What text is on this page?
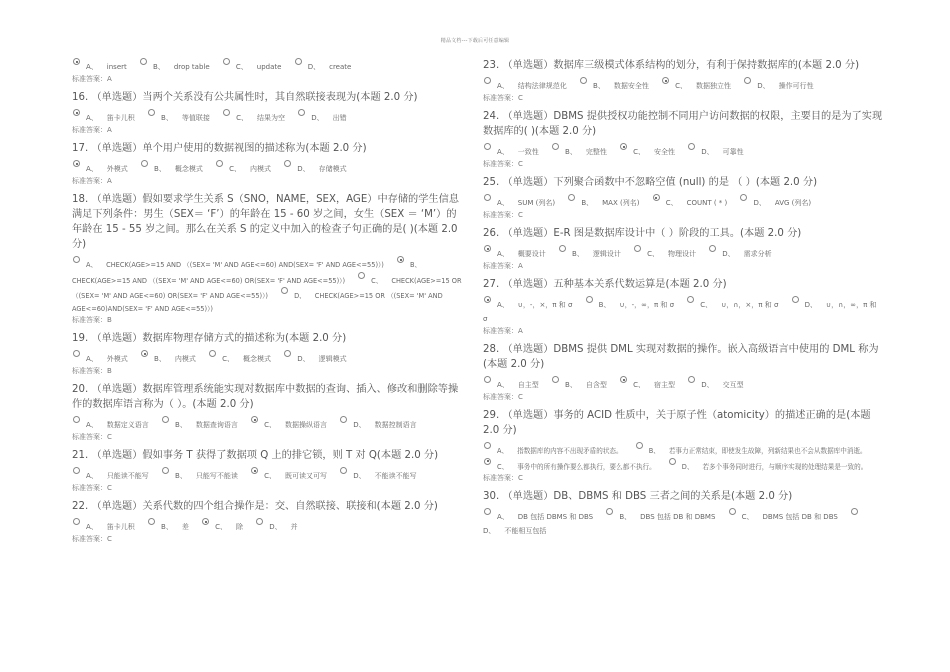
精品文档---下载后可任意编辑
A、 insert	B、 drop table	C、 update	D、 create
标准答案：A
16. （单选题）当两个关系没有公共属性时，其自然联接表现为(本题 2.0 分)
A、 笛卡儿积	B、 等值联接	C、 结果为空	D、 出错
标准答案：A
17. （单选题）单个用户使用的数据视图的描述称为(本题 2.0 分)
A、 外模式	B、 概念模式	C、 内模式	D、 存储模式
标准答案：A
18. （单选题）假如要求学生关系 S（SNO，NAME，SEX，AGE）中存储的学生信息满足下列条件：男生（SEX＝ ‘F’）的年龄在 15 - 60 岁之间，女生（SEX ＝ ‘M’）的年龄在 15 - 55 岁之间。那么在关系 S 的定义中加入的检查子句正确的是( )(本题 2.0 分)
A、 CHECK(AGE>=15 AND （(SEX= 'M' AND AGE<=60) AND(SEX= 'F' AND AGE<=55)）)	B、CHECK(AGE>=15 AND （(SEX= 'M' AND AGE<=60) OR(SEX= 'F' AND AGE<=55)）)	C、 CHECK(AGE>=15 OR （(SEX= 'M' AND AGE<=60) OR(SEX= 'F' AND AGE<=55)）)	D、 CHECK(AGE>=15 OR （(SEX= 'M' AND AGE<=60)AND(SEX= 'F' AND AGE<=55)）)
标准答案：B
19. （单选题）数据库物理存储方式的描述称为(本题 2.0 分)
A、 外模式	B、 内模式	C、 概念模式	D、 逻辑模式
标准答案：B
20. （单选题）数据库管理系统能实现对数据库中数据的查询、插入、修改和删除等操作的数据库语言称为（ ）。(本题 2.0 分)
A、 数据定义语言	B、 数据查询语言	C、 数据操纵语言	D、 数据控制语言
标准答案：C
21. （单选题）假如事务 T 获得了数据项 Q 上的排它锁，则 T 对 Q(本题 2.0 分)
A、 只能读不能写	B、 只能写不能读	C、 既可读又可写	D、 不能读不能写
标准答案：C
22. （单选题）关系代数的四个组合操作是：交、自然联接、联接和(本题 2.0 分)
A、 笛卡儿积	B、 差	C、 除	D、 并
标准答案：C
23. （单选题）数据库三级模式体系结构的划分，有利于保持数据库的(本题 2.0 分)
A、 结构法律规范化	B、 数据安全性	C、 数据独立性	D、 操作可行性
标准答案：C
24. （单选题）DBMS 提供授权功能控制不同用户访问数据的权限，主要目的是为了实现数据库的( )(本题 2.0 分)
A、 一致性	B、 完整性	C、 安全性	D、 可靠性
标准答案：C
25. （单选题）下列聚合函数中不忽略空值 (null) 的是 （ ）(本题 2.0 分)
A、 SUM (列名)	B、 MAX (列名)	C、 COUNT ( * )	D、 AVG (列名)
标准答案：C
26. （单选题）E-R 图是数据库设计中（ ）阶段的工具。(本题 2.0 分)
A、 概要设计	B、 逻辑设计	C、 物理设计	D、 需求分析
标准答案：A
27. （单选题）五种基本关系代数运算是(本题 2.0 分)
A、 ∪，-，×，π 和 σ	B、 ∪，-，∞，π 和 σ	C、 ∪，∩，×，π 和 σ	D、 ∪，∩，∞，π 和 σ
标准答案：A
28. （单选题）DBMS 提供 DML 实现对数据的操作。嵌入高级语言中使用的 DML 称为(本题 2.0 分)
A、 自主型	B、 自含型	C、 宿主型	D、 交互型
标准答案：C
29. （单选题）事务的 ACID 性质中，关于原子性（atomicity）的描述正确的是(本题 2.0 分)
A、 指数据库的内容不出现矛盾的状态。	B、 若事力正常结束，即使发生故障，列新结果也不会从数据库中消逝。 C、 事务中的所有操作要么都执行，要么都不执行。	D、 若多个事务同时进行，与顺序实现的处理结果是一致的。
标准答案：C
30. （单选题）DB、DBMS 和 DBS 三者之间的关系是(本题 2.0 分)
A、 DB 包括 DBMS 和 DBS	B、 DBS 包括 DB 和 DBMS	C、 DBMS 包括 DB 和 DBS D、 不能相互包括
